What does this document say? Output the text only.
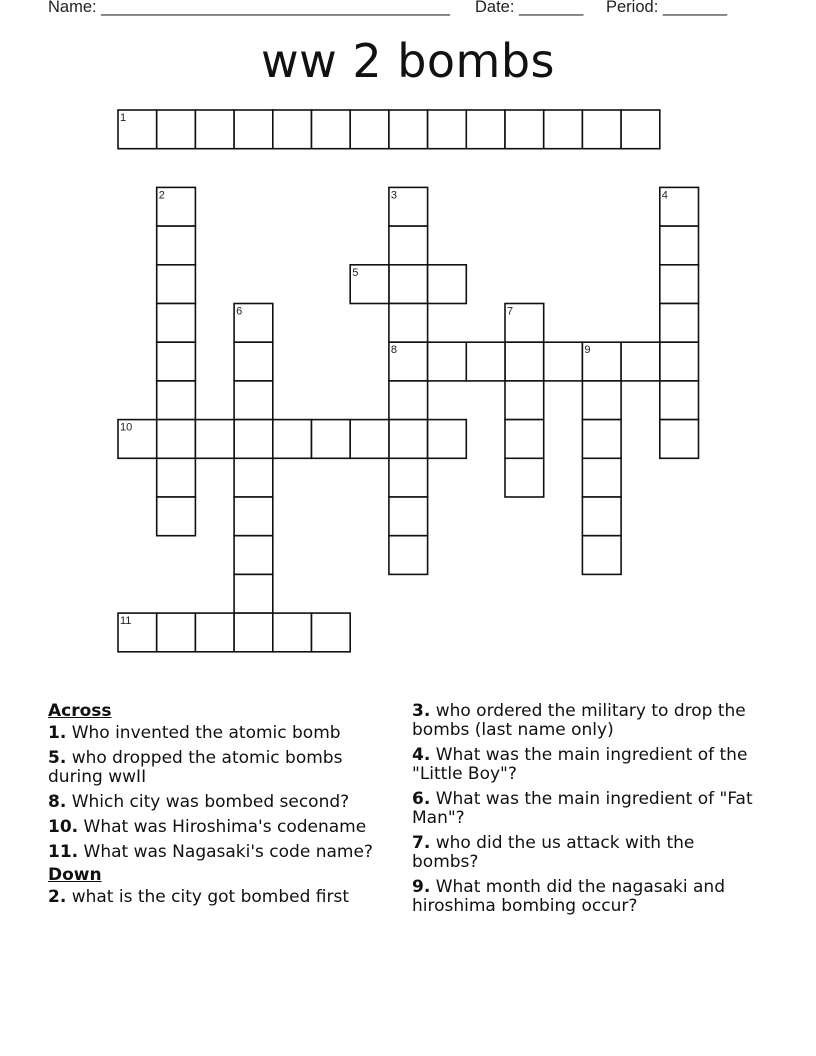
Name: ______________________________________ Date: _______ Period: _______
ww 2 bombs
1
2	3	4
5
6	7
8	9
10
11
Across
1. Who invented the atomic bomb
5. who dropped the atomic bombs during wwII
8. Which city was bombed second?
10. What was Hiroshima's codename
11. What was Nagasaki's code name?
Down
2. what is the city got bombed first
3. who ordered the military to drop the bombs (last name only)
4. What was the main ingredient of the "Little Boy"?
6. What was the main ingredient of "Fat Man"?
7. who did the us attack with the bombs?
9. What month did the nagasaki and hiroshima bombing occur?
